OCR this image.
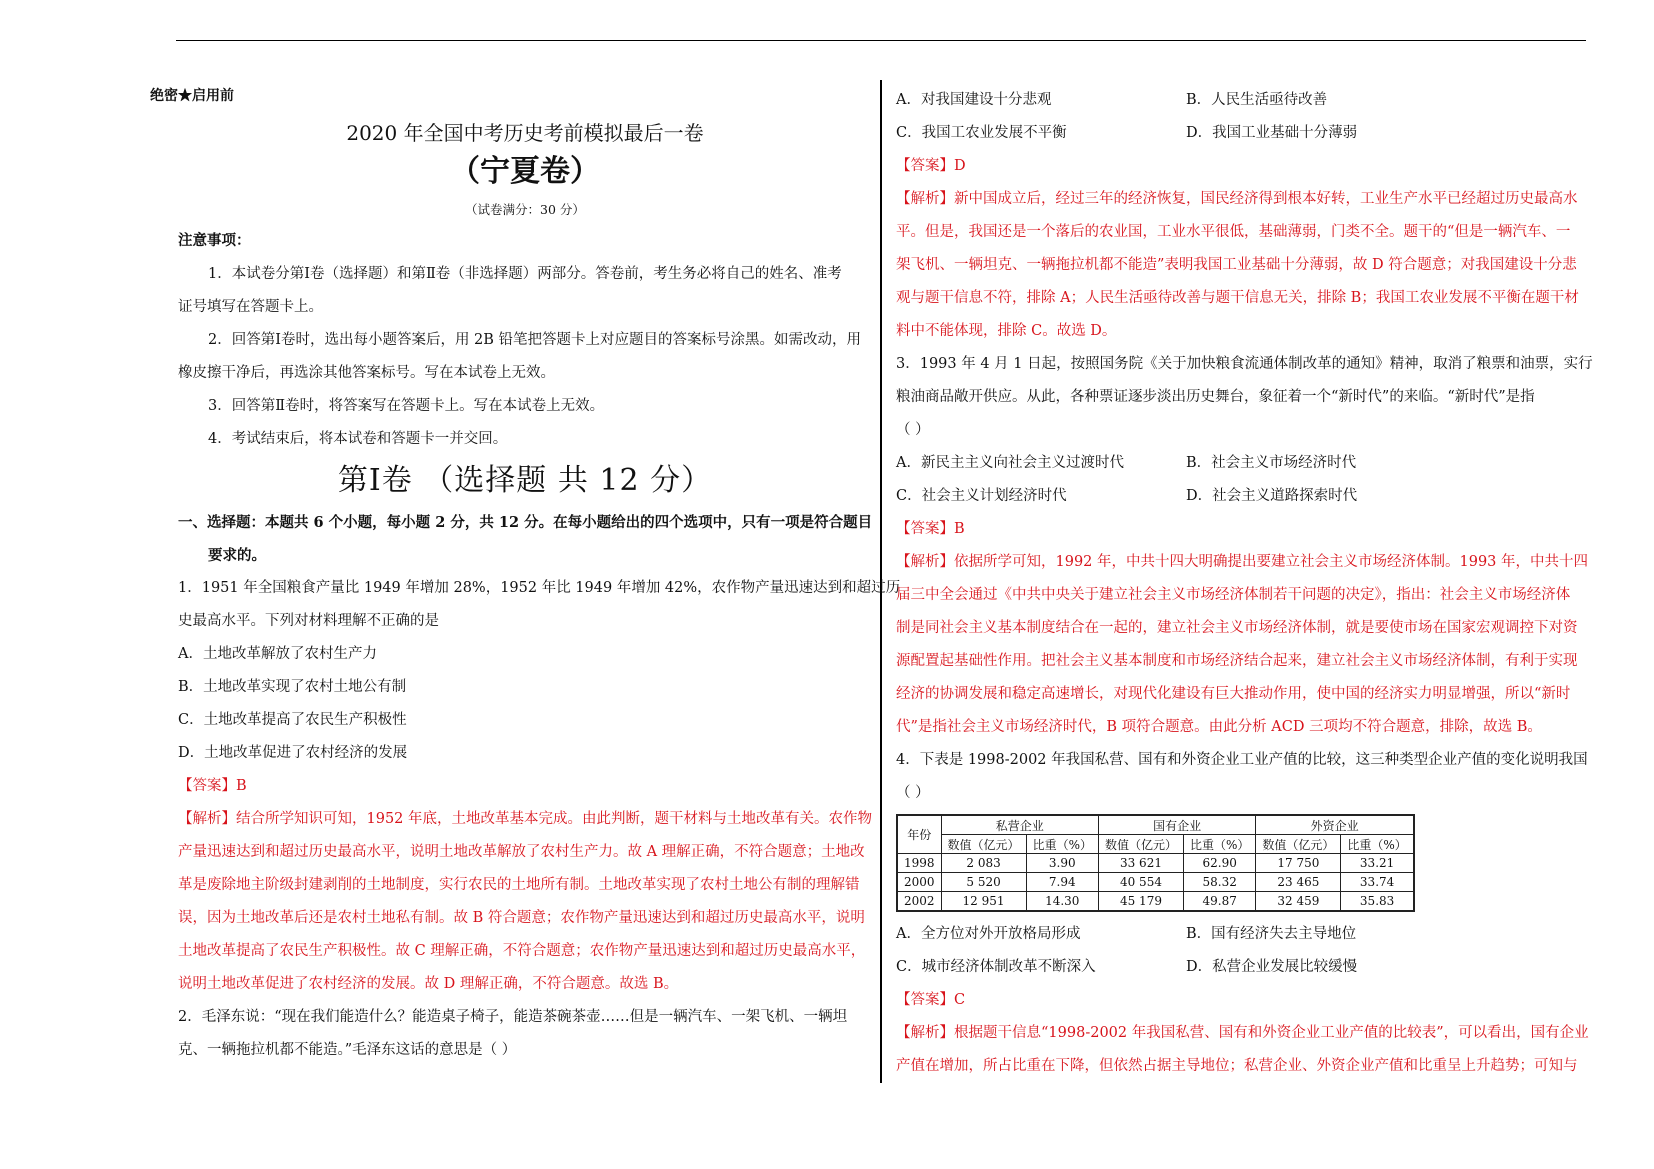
绝密★启用前
2020 年全国中考历史考前模拟最后一卷
（宁夏卷）
（试卷满分：30 分）
注意事项：
1．本试卷分第Ⅰ卷（选择题）和第Ⅱ卷（非选择题）两部分。答卷前，考生务必将自己的姓名、准考
证号填写在答题卡上。
2．回答第Ⅰ卷时，选出每小题答案后，用 2B 铅笔把答题卡上对应题目的答案标号涂黑。如需改动，用
橡皮擦干净后，再选涂其他答案标号。写在本试卷上无效。
3．回答第Ⅱ卷时，将答案写在答题卡上。写在本试卷上无效。
4．考试结束后，将本试卷和答题卡一并交回。
第Ⅰ卷 （选择题 共 12 分）
一、选择题：本题共 6 个小题，每小题 2 分，共 12 分。在每小题给出的四个选项中，只有一项是符合题目
要求的。
1．1951 年全国粮食产量比 1949 年增加 28%，1952 年比 1949 年增加 42%，农作物产量迅速达到和超过历
史最高水平。下列对材料理解不正确的是
A．土地改革解放了农村生产力
B．土地改革实现了农村土地公有制
C．土地改革提高了农民生产积极性
D．土地改革促进了农村经济的发展
【答案】B
【解析】结合所学知识可知，1952 年底，土地改革基本完成。由此判断，题干材料与土地改革有关。农作物
产量迅速达到和超过历史最高水平，说明土地改革解放了农村生产力。故 A 理解正确，不符合题意；土地改
革是废除地主阶级封建剥削的土地制度，实行农民的土地所有制。土地改革实现了农村土地公有制的理解错
误，因为土地改革后还是农村土地私有制。故 B 符合题意；农作物产量迅速达到和超过历史最高水平，说明
土地改革提高了农民生产积极性。故 C 理解正确，不符合题意；农作物产量迅速达到和超过历史最高水平，
说明土地改革促进了农村经济的发展。故 D 理解正确，不符合题意。故选 B。
2．毛泽东说：“现在我们能造什么？能造桌子椅子，能造茶碗茶壶……但是一辆汽车、一架飞机、一辆坦
克、一辆拖拉机都不能造。”毛泽东这话的意思是（ ）
A．对我国建设十分悲观	B．人民生活亟待改善
C．我国工农业发展不平衡	D．我国工业基础十分薄弱
【答案】D
【解析】新中国成立后，经过三年的经济恢复，国民经济得到根本好转，工业生产水平已经超过历史最高水
平。但是，我国还是一个落后的农业国，工业水平很低，基础薄弱，门类不全。题干的“但是一辆汽车、一
架飞机、一辆坦克、一辆拖拉机都不能造”表明我国工业基础十分薄弱，故 D 符合题意；对我国建设十分悲
观与题干信息不符，排除 A；人民生活亟待改善与题干信息无关，排除 B；我国工农业发展不平衡在题干材
料中不能体现，排除 C。故选 D。
3．1993 年 4 月 1 日起，按照国务院《关于加快粮食流通体制改革的通知》精神，取消了粮票和油票，实行
粮油商品敞开供应。从此，各种票证逐步淡出历史舞台，象征着一个“新时代”的来临。“新时代”是指
（ ）
A．新民主主义向社会主义过渡时代	B．社会主义市场经济时代
C．社会主义计划经济时代	D．社会主义道路探索时代
【答案】B
【解析】依据所学可知，1992 年，中共十四大明确提出要建立社会主义市场经济体制。1993 年，中共十四
届三中全会通过《中共中央关于建立社会主义市场经济体制若干问题的决定》，指出：社会主义市场经济体
制是同社会主义基本制度结合在一起的，建立社会主义市场经济体制，就是要使市场在国家宏观调控下对资
源配置起基础性作用。把社会主义基本制度和市场经济结合起来，建立社会主义市场经济体制，有利于实现
经济的协调发展和稳定高速增长，对现代化建设有巨大推动作用，使中国的经济实力明显增强，所以“新时
代”是指社会主义市场经济时代，B 项符合题意。由此分析 ACD 三项均不符合题意，排除，故选 B。
4．下表是 1998-2002 年我国私营、国有和外资企业工业产值的比较，这三种类型企业产值的变化说明我国
（ ）
年份	私营企业		国有企业		外资企业	
	数值（亿元）	比重（%）	数值（亿元）	比重（%）	数值（亿元）	比重（%）
1998	2 083	3.90	33 621	62.90	17 750	33.21
2000	5 520	7.94	40 554	58.32	23 465	33.74
2002	12 951	14.30	45 179	49.87	32 459	35.83
A．全方位对外开放格局形成	B．国有经济失去主导地位
C．城市经济体制改革不断深入	D．私营企业发展比较缓慢
【答案】C
【解析】根据题干信息“1998-2002 年我国私营、国有和外资企业工业产值的比较表”，可以看出，国有企业
产值在增加，所占比重在下降，但依然占据主导地位；私营企业、外资企业产值和比重呈上升趋势；可知与
